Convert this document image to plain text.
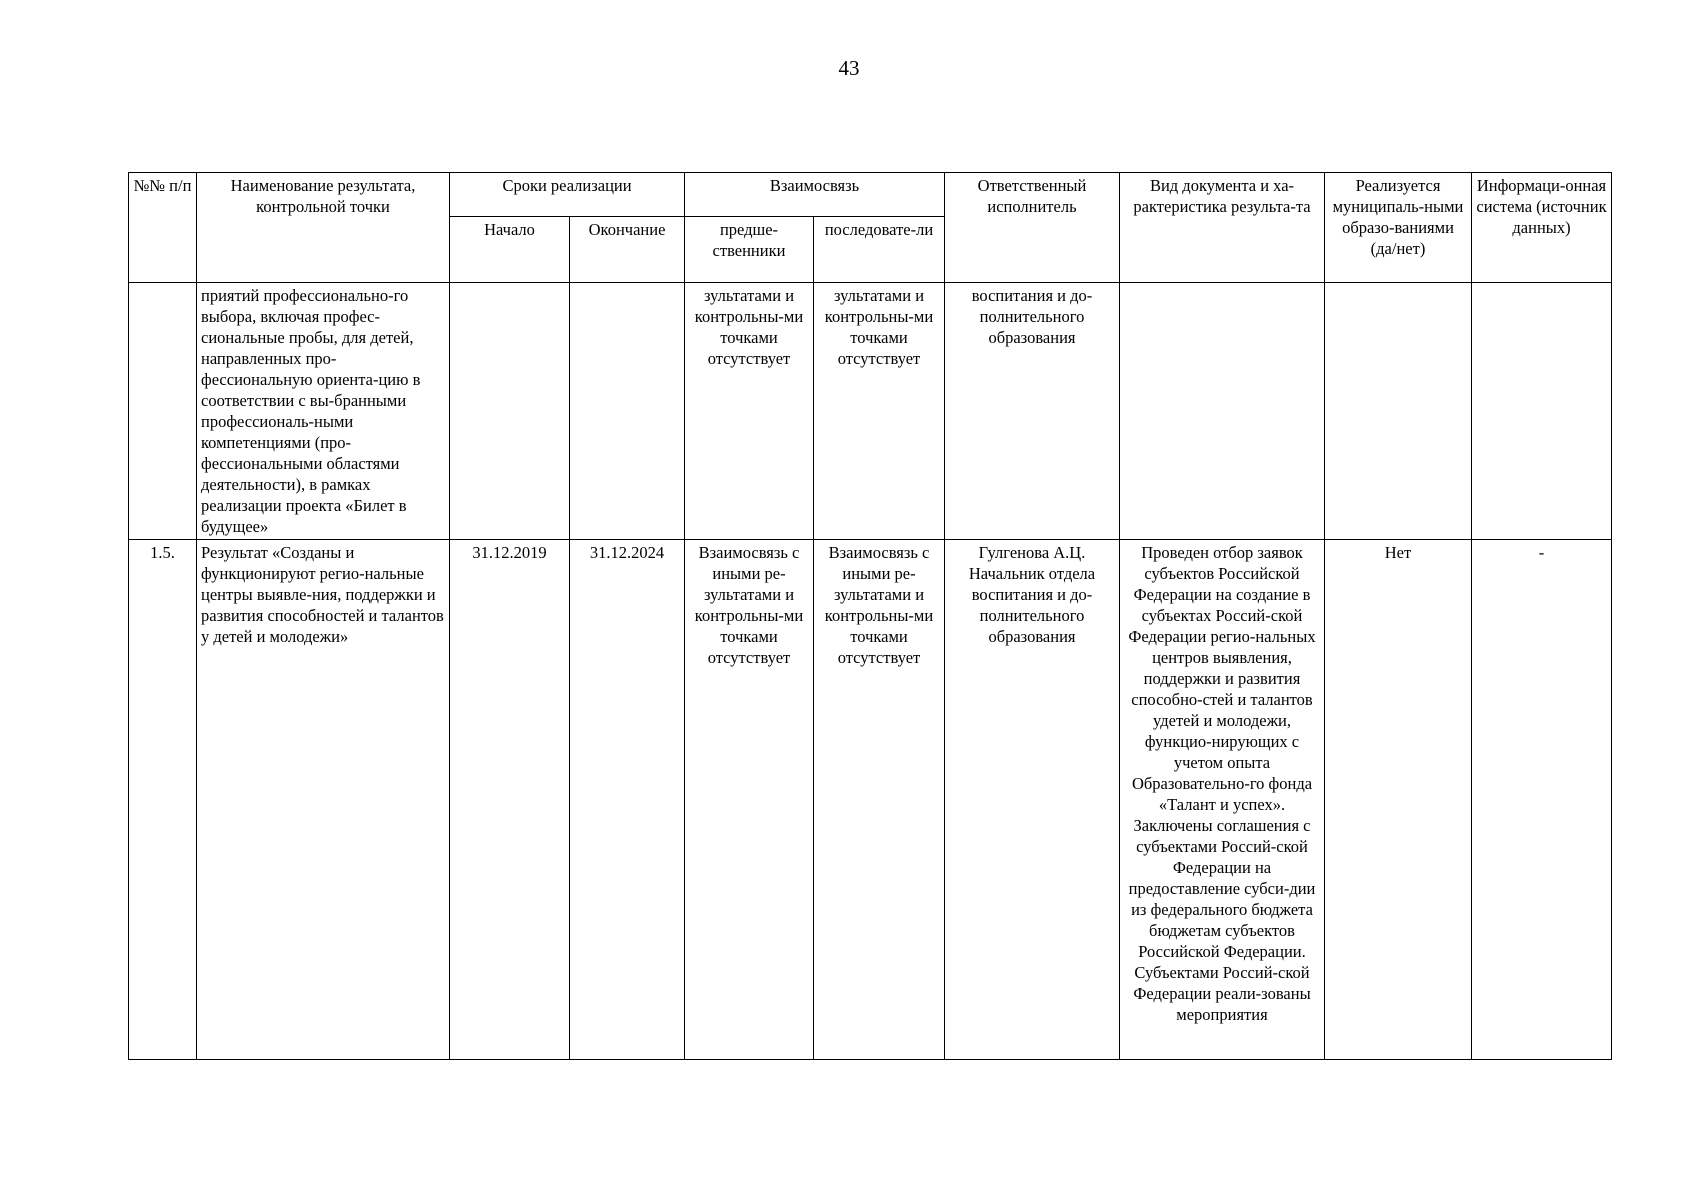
43
№№ п/п	Наименование результата, контрольной точки	Сроки реализации		Взаимосвязь		Ответственный исполнитель	Вид документа и ха-рактеристика результа-та	Реализуется муниципаль-ными образо-ваниями (да/нет)	Информаци-онная система (источник данных)
		Начало	Окончание	предше-ственники	последовате-ли				
	приятий профессионально-го выбора, включая профес-сиональные пробы, для детей, направленных про-фессиональную ориента-цию в соответствии с вы-бранными профессиональ-ными компетенциями (про-фессиональными областями деятельности), в рамках реализации проекта «Билет в будущее»			зультатами и контрольны-ми точками отсутствует	зультатами и контрольны-ми точками отсутствует	воспитания и до-полнительного образования			
1.5.	Результат «Созданы и функционируют регио-нальные центры выявле-ния, поддержки и развития способностей и талантов у детей и молодежи»	31.12.2019	31.12.2024	Взаимосвязь с иными ре-зультатами и контрольны-ми точками отсутствует	Взаимосвязь с иными ре-зультатами и контрольны-ми точками отсутствует	Гулгенова А.Ц. Начальник отдела воспитания и до-полнительного образования	Проведен отбор заявок субъектов Российской Федерации на создание в субъектах Россий-ской Федерации регио-нальных центров выявления, поддержки и развития способно-стей и талантов удетей и молодежи, функцио-нирующих с учетом опыта Образовательно-го фонда «Талант и успех». Заключены соглашения с субъектами Россий-ской Федерации на предоставление субси-дии из федерального бюджета бюджетам субъектов Российской Федерации. Субъектами Россий-ской Федерации реали-зованы мероприятия	Нет	-
